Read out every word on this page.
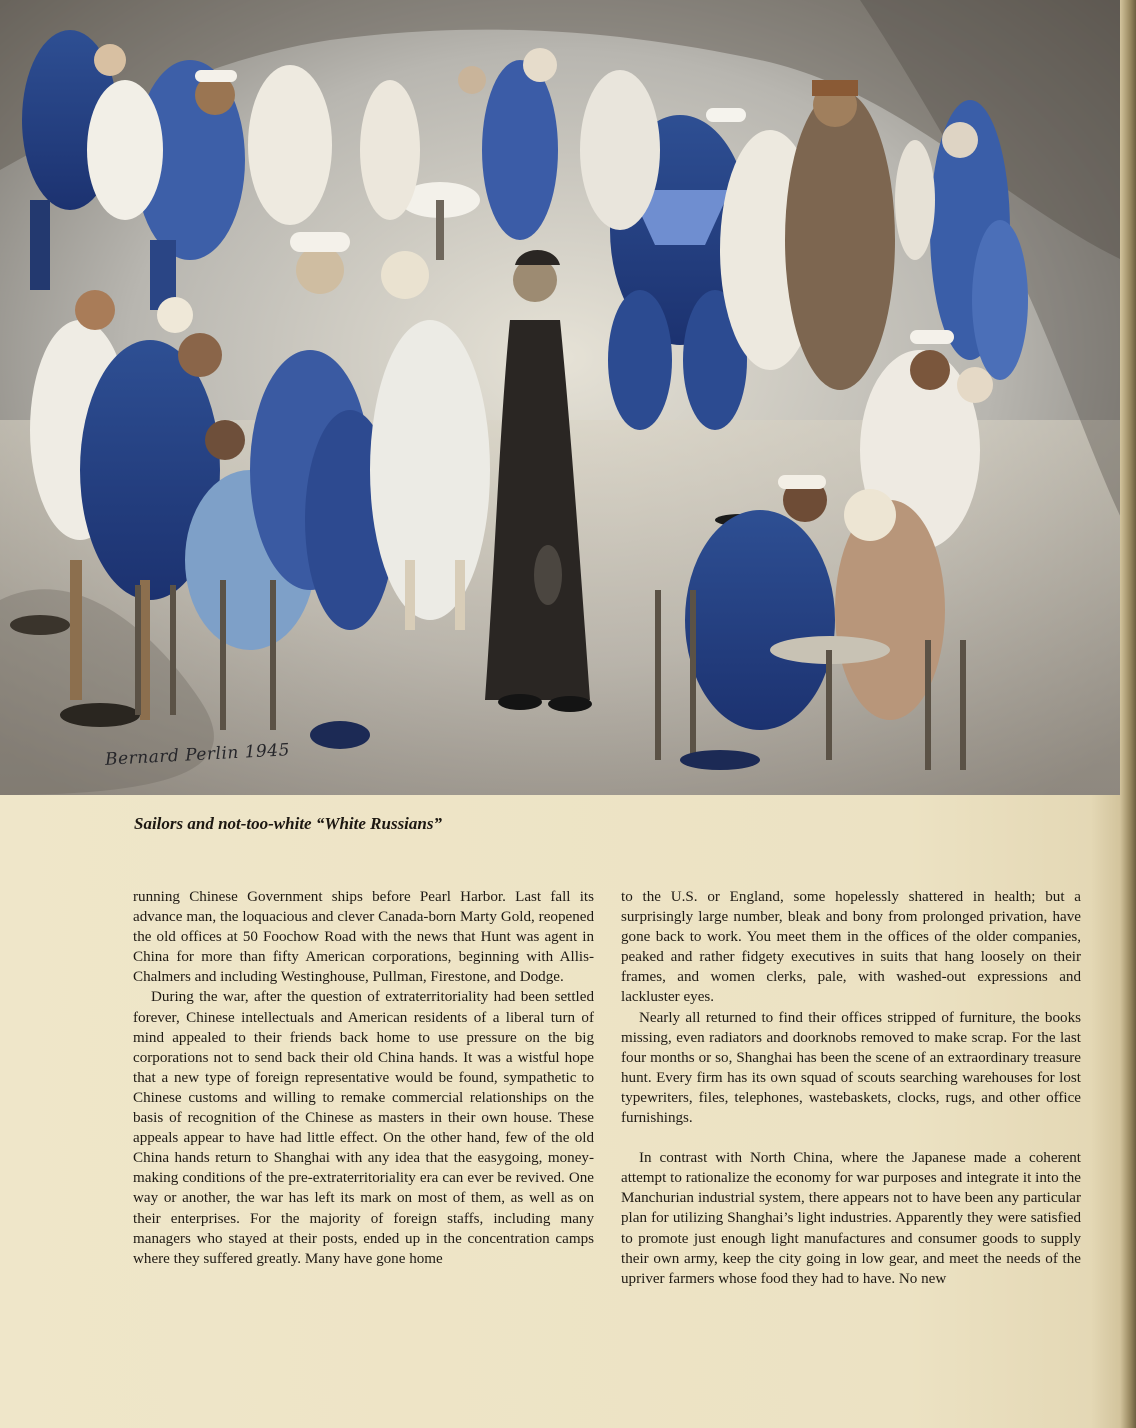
Bernard Perlin 1945
Sailors and not-too-white “White Russians”

running Chinese Government ships before Pearl Harbor. Last fall its advance man, the loquacious and clever Canada-born Marty Gold, reopened the old offices at 50 Foochow Road with the news that Hunt was agent in China for more than fifty American corporations, beginning with Allis-Chalmers and including Westinghouse, Pullman, Firestone, and Dodge.

During the war, after the question of extraterritoriality had been settled forever, Chinese intellectuals and American residents of a liberal turn of mind appealed to their friends back home to use pressure on the big corporations not to send back their old China hands. It was a wistful hope that a new type of foreign representative would be found, sympathetic to Chinese customs and willing to remake commercial relationships on the basis of recognition of the Chinese as masters in their own house. These appeals appear to have had little effect. On the other hand, few of the old China hands return to Shanghai with any idea that the easygoing, money-making conditions of the pre-extraterritoriality era can ever be revived. One way or another, the war has left its mark on most of them, as well as on their enterprises. For the majority of foreign staffs, including many managers who stayed at their posts, ended up in the concentration camps where they suffered greatly. Many have gone home

to the U.S. or England, some hopelessly shattered in health; but a surprisingly large number, bleak and bony from prolonged privation, have gone back to work. You meet them in the offices of the older companies, peaked and rather fidgety executives in suits that hang loosely on their frames, and women clerks, pale, with washed-out expressions and lackluster eyes.

Nearly all returned to find their offices stripped of furniture, the books missing, even radiators and doorknobs removed to make scrap. For the last four months or so, Shanghai has been the scene of an extraordinary treasure hunt. Every firm has its own squad of scouts searching warehouses for lost typewriters, files, telephones, wastebaskets, clocks, rugs, and other office furnishings.

In contrast with North China, where the Japanese made a coherent attempt to rationalize the economy for war purposes and integrate it into the Manchurian industrial system, there appears not to have been any particular plan for utilizing Shanghai’s light industries. Apparently they were satisfied to promote just enough light manufactures and consumer goods to supply their own army, keep the city going in low gear, and meet the needs of the upriver farmers whose food they had to have. No new
